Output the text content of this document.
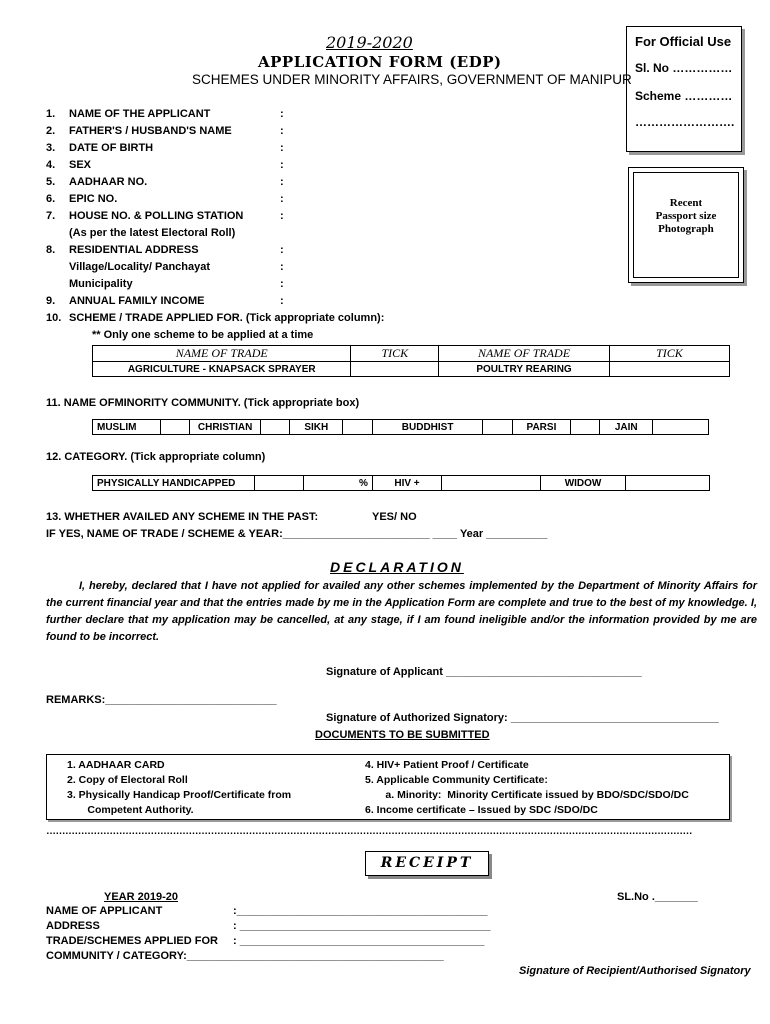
2019-2020
APPLICATION FORM (EDP)
SCHEMES UNDER MINORITY AFFAIRS, GOVERNMENT OF MANIPUR
For Official Use
Sl. No ……………
Scheme …………
…………………….
Recent
Passport size
Photograph
1. NAME OF THE APPLICANT	:
2. FATHER'S / HUSBAND'S NAME	:
3. DATE OF BIRTH	:
4. SEX	:
5. AADHAAR NO.	:
6. EPIC NO.	:
7. HOUSE NO. & POLLING STATION	:
(As per the latest Electoral Roll)
8. RESIDENTIAL ADDRESS	:
Village/Locality/ Panchayat	:
Municipality	:
9. ANNUAL FAMILY INCOME	:
10. SCHEME / TRADE APPLIED FOR. (Tick appropriate column):
** Only one scheme to be applied at a time
NAME OF TRADE	TICK	NAME OF TRADE	TICK
AGRICULTURE - KNAPSACK SPRAYER		POULTRY REARING	
11. NAME OFMINORITY COMMUNITY. (Tick appropriate box)
MUSLIM		CHRISTIAN		SIKH		BUDDHIST		PARSI		JAIN	
12. CATEGORY. (Tick appropriate column)
PHYSICALLY HANDICAPPED		%	HIV +		WIDOW	
13. WHETHER AVAILED ANY SCHEME IN THE PAST:	YES/ NO
IF YES, NAME OF TRADE / SCHEME & YEAR:________________________ ____ Year __________
DECLARATION
I, hereby, declared that I have not applied for availed any other schemes implemented by the Department of Minority Affairs for the current financial year and that the entries made by me in the Application Form are complete and true to the best of my knowledge. I, further declare that my application may be cancelled, at any stage, if I am found ineligible and/or the information provided by me are found to be incorrect.
Signature of Applicant ________________________________
REMARKS:____________________________
Signature of Authorized Signatory: __________________________________
DOCUMENTS TO BE SUBMITTED
1. AADHAAR CARD
2. Copy of Electoral Roll
3. Physically Handicap Proof/Certificate from
Competent Authority.
4. HIV+ Patient Proof / Certificate
5. Applicable Community Certificate:
a. Minority:  Minority Certificate issued by BDO/SDC/SDO/DC
6. Income certificate – Issued by SDC /SDO/DC
……………………………………………………………………………………………………………………………………………………………………………………
RECEIPT
YEAR 2019-20	SL.No ._______
NAME OF APPLICANT	:_________________________________________
ADDRESS	: _________________________________________
TRADE/SCHEMES APPLIED FOR : ________________________________________
COMMUNITY / CATEGORY:__________________________________________
Signature of Recipient/Authorised Signatory
